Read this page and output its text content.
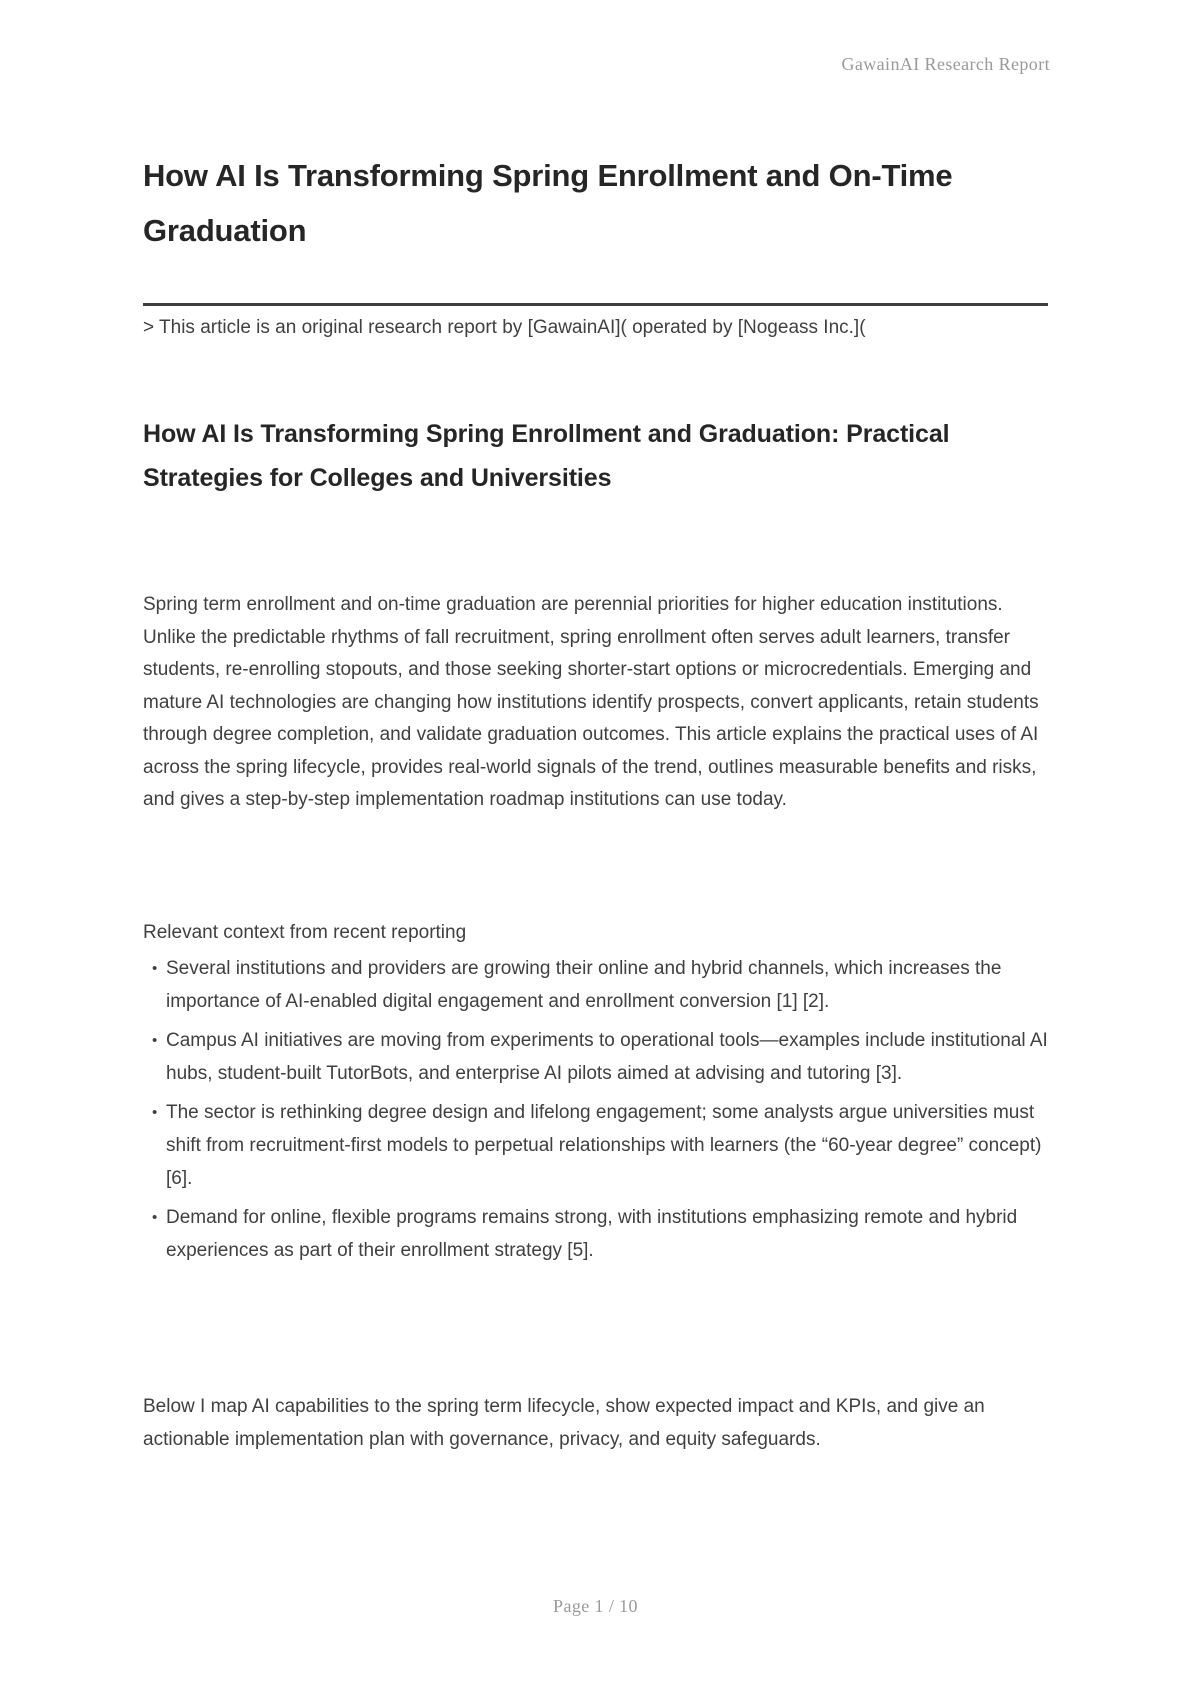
GawainAI Research Report
How AI Is Transforming Spring Enrollment and On-Time Graduation

> This article is an original research report by [GawainAI]( operated by [Nogeass Inc.](

How AI Is Transforming Spring Enrollment and Graduation: Practical Strategies for Colleges and Universities

Spring term enrollment and on-time graduation are perennial priorities for higher education institutions. Unlike the predictable rhythms of fall recruitment, spring enrollment often serves adult learners, transfer students, re-enrolling stopouts, and those seeking shorter-start options or microcredentials. Emerging and mature AI technologies are changing how institutions identify prospects, convert applicants, retain students through degree completion, and validate graduation outcomes. This article explains the practical uses of AI across the spring lifecycle, provides real-world signals of the trend, outlines measurable benefits and risks, and gives a step-by-step implementation roadmap institutions can use today.

Relevant context from recent reporting

• Several institutions and providers are growing their online and hybrid channels, which increases the importance of AI-enabled digital engagement and enrollment conversion [1] [2].
• Campus AI initiatives are moving from experiments to operational tools—examples include institutional AI hubs, student-built TutorBots, and enterprise AI pilots aimed at advising and tutoring [3].
• The sector is rethinking degree design and lifelong engagement; some analysts argue universities must shift from recruitment-first models to perpetual relationships with learners (the “60-year degree” concept) [6].
• Demand for online, flexible programs remains strong, with institutions emphasizing remote and hybrid experiences as part of their enrollment strategy [5].

Below I map AI capabilities to the spring term lifecycle, show expected impact and KPIs, and give an actionable implementation plan with governance, privacy, and equity safeguards.

Page 1 / 10
